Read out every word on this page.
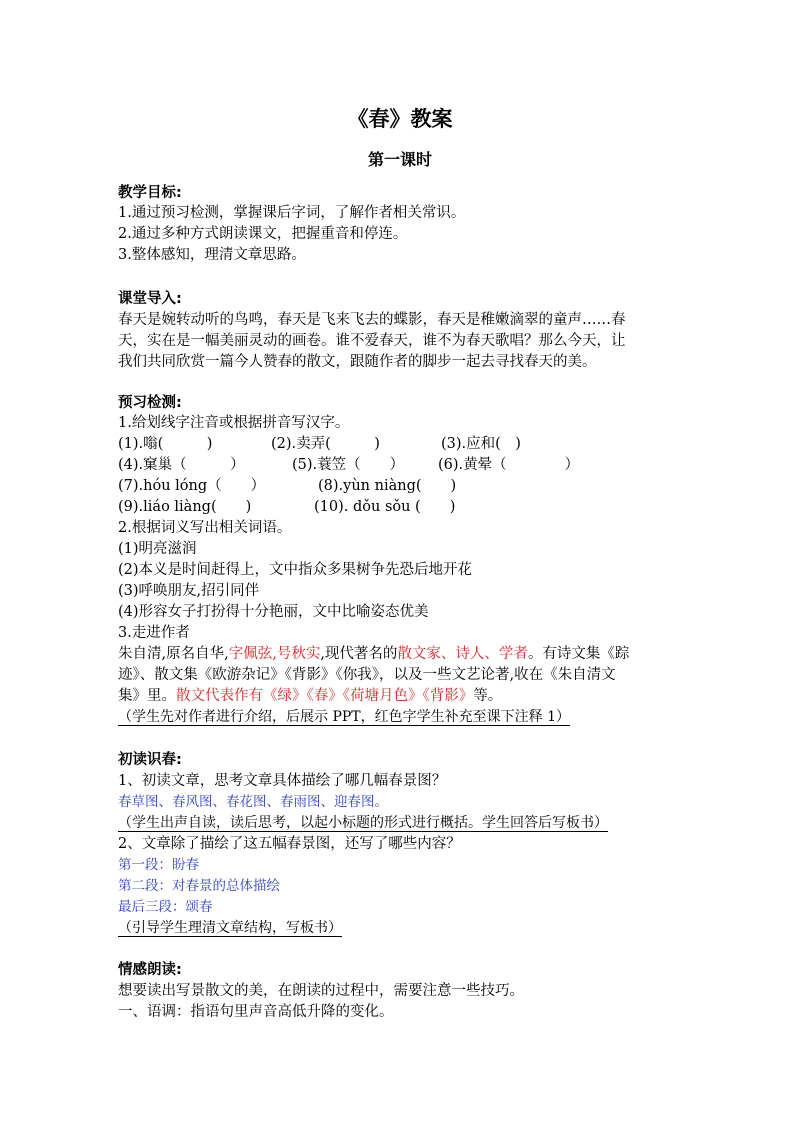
《春》教案
第一课时
教学目标:
1.通过预习检测，掌握课后字词，了解作者相关常识。
2.通过多种方式朗读课文，把握重音和停连。
3.整体感知，理清文章思路。
课堂导入:
春天是婉转动听的鸟鸣，春天是飞来飞去的蝶影，春天是稚嫩滴翠的童声……春
天，实在是一幅美丽灵动的画卷。谁不爱春天，谁不为春天歌唱？那么今天，让
我们共同欣赏一篇今人赞春的散文，跟随作者的脚步一起去寻找春天的美。
预习检测:
1.给划线字注音或根据拼音写汉字。
(1).嗡(　　　)	(2).卖弄(　　　)	(3).应和(　)
(4).窠巢（　　　）	(5).蓑笠（　　） (6).黄晕（　　　　）
(7).hóu lóng（　　）	(8).yùn niàng(　　)
(9).liáo liàng(　　)	(10). dǒu sǒu (　　)
2.根据词义写出相关词语。
(1)明亮滋润
(2)本义是时间赶得上，文中指众多果树争先恐后地开花
(3)呼唤朋友,招引同伴
(4)形容女子打扮得十分艳丽，文中比喻姿态优美
3.走进作者
朱自清,原名自华,字佩弦,号秋实,现代著名的散文家、诗人、学者。有诗文集《踪
迹》、散文集《欧游杂记》《背影》《你我》，以及一些文艺论著,收在《朱自清文
集》里。散文代表作有《绿》《春》《荷塘月色》《背影》等。
（学生先对作者进行介绍，后展示 PPT，红色字学生补充至课下注释 1）
初读识春:
1、初读文章，思考文章具体描绘了哪几幅春景图？
春草图、春风图、春花图、春雨图、迎春图。
（学生出声自读，读后思考，以起小标题的形式进行概括。学生回答后写板书）
2、文章除了描绘了这五幅春景图，还写了哪些内容？
第一段：盼春
第二段：对春景的总体描绘
最后三段：颂春
（引导学生理清文章结构，写板书）
情感朗读:
想要读出写景散文的美，在朗读的过程中，需要注意一些技巧。
一、语调：指语句里声音高低升降的变化。
